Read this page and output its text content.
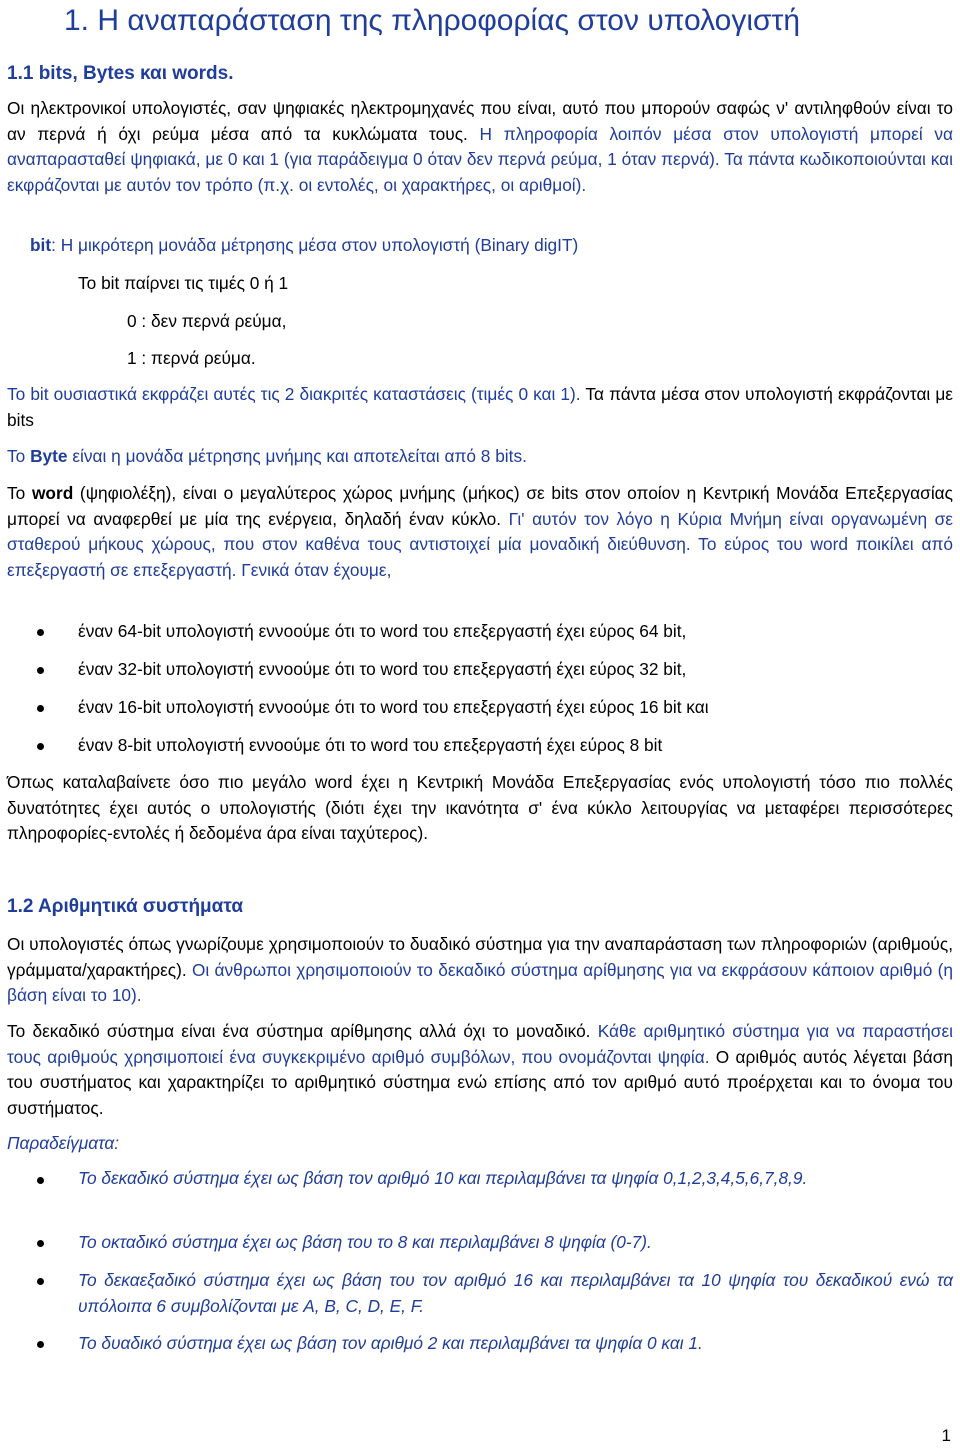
1. Η αναπαράσταση της πληροφορίας στον υπολογιστή

1.1 bits, Bytes και words.

Οι ηλεκτρονικοί υπολογιστές, σαν ψηφιακές ηλεκτρομηχανές που είναι, αυτό που μπορούν σαφώς ν' αντιληφθούν είναι το αν περνά ή όχι ρεύμα μέσα από τα κυκλώματα τους. Η πληροφορία λοιπόν μέσα στον υπολογιστή μπορεί να αναπαρασταθεί ψηφιακά, με 0 και 1 (για παράδειγμα 0 όταν δεν περνά ρεύμα, 1 όταν περνά). Τα πάντα κωδικοποιούνται και εκφράζονται με αυτόν τον τρόπο (π.χ. οι εντολές, οι χαρακτήρες, οι αριθμοί).

bit: Η μικρότερη μονάδα μέτρησης μέσα στον υπολογιστή (Binary digIT)

Το bit παίρνει τις τιμές 0 ή 1

0 : δεν περνά ρεύμα,

1 : περνά ρεύμα.

Το bit ουσιαστικά εκφράζει αυτές τις 2 διακριτές καταστάσεις (τιμές 0 και 1). Τα πάντα μέσα στον υπολογιστή εκφράζονται με bits

Το Byte είναι η μονάδα μέτρησης μνήμης και αποτελείται από 8 bits.

Το word (ψηφιολέξη), είναι ο μεγαλύτερος χώρος μνήμης (μήκος) σε bits στον οποίον η Κεντρική Μονάδα Επεξεργασίας μπορεί να αναφερθεί με μία της ενέργεια, δηλαδή έναν κύκλο. Γι' αυτόν τον λόγο η Κύρια Μνήμη είναι οργανωμένη σε σταθερού μήκους χώρους, που στον καθένα τους αντιστοιχεί μία μοναδική διεύθυνση. Το εύρος του word ποικίλει από επεξεργαστή σε επεξεργαστή. Γενικά όταν έχουμε,

έναν 64-bit υπολογιστή εννοούμε ότι το word του επεξεργαστή έχει εύρος 64 bit,

έναν 32-bit υπολογιστή εννοούμε ότι το word του επεξεργαστή έχει εύρος 32 bit,

έναν 16-bit υπολογιστή εννοούμε ότι το word του επεξεργαστή έχει εύρος 16 bit και

έναν 8-bit υπολογιστή εννοούμε ότι το word του επεξεργαστή έχει εύρος 8 bit

Όπως καταλαβαίνετε όσο πιο μεγάλο word έχει η Κεντρική Μονάδα Επεξεργασίας ενός υπολογιστή τόσο πιο πολλές δυνατότητες έχει αυτός ο υπολογιστής (διότι έχει την ικανότητα σ' ένα κύκλο λειτουργίας να μεταφέρει περισσότερες πληροφορίες-εντολές ή δεδομένα άρα είναι ταχύτερος).

1.2 Αριθμητικά συστήματα

Οι υπολογιστές όπως γνωρίζουμε χρησιμοποιούν το δυαδικό σύστημα για την αναπαράσταση των πληροφοριών (αριθμούς, γράμματα/χαρακτήρες). Οι άνθρωποι χρησιμοποιούν το δεκαδικό σύστημα αρίθμησης για να εκφράσουν κάποιον αριθμό (η βάση είναι το 10).

Το δεκαδικό σύστημα είναι ένα σύστημα αρίθμησης αλλά όχι το μοναδικό. Κάθε αριθμητικό σύστημα για να παραστήσει τους αριθμούς χρησιμοποιεί ένα συγκεκριμένο αριθμό συμβόλων, που ονομάζονται ψηφία. Ο αριθμός αυτός λέγεται βάση του συστήματος και χαρακτηρίζει το αριθμητικό σύστημα ενώ επίσης από τον αριθμό αυτό προέρχεται και το όνομα του συστήματος.

Παραδείγματα:

Το δεκαδικό σύστημα έχει ως βάση τον αριθμό 10 και περιλαμβάνει τα ψηφία 0,1,2,3,4,5,6,7,8,9.

Το οκταδικό σύστημα έχει ως βάση του το 8 και περιλαμβάνει 8 ψηφία (0-7).

Το δεκαεξαδικό σύστημα έχει ως βάση του τον αριθμό 16 και περιλαμβάνει τα 10 ψηφία του δεκαδικού ενώ τα υπόλοιπα 6 συμβολίζονται με A, B, C, D, E, F.

Το δυαδικό σύστημα έχει ως βάση τον αριθμό 2 και περιλαμβάνει τα ψηφία 0 και 1.

1
